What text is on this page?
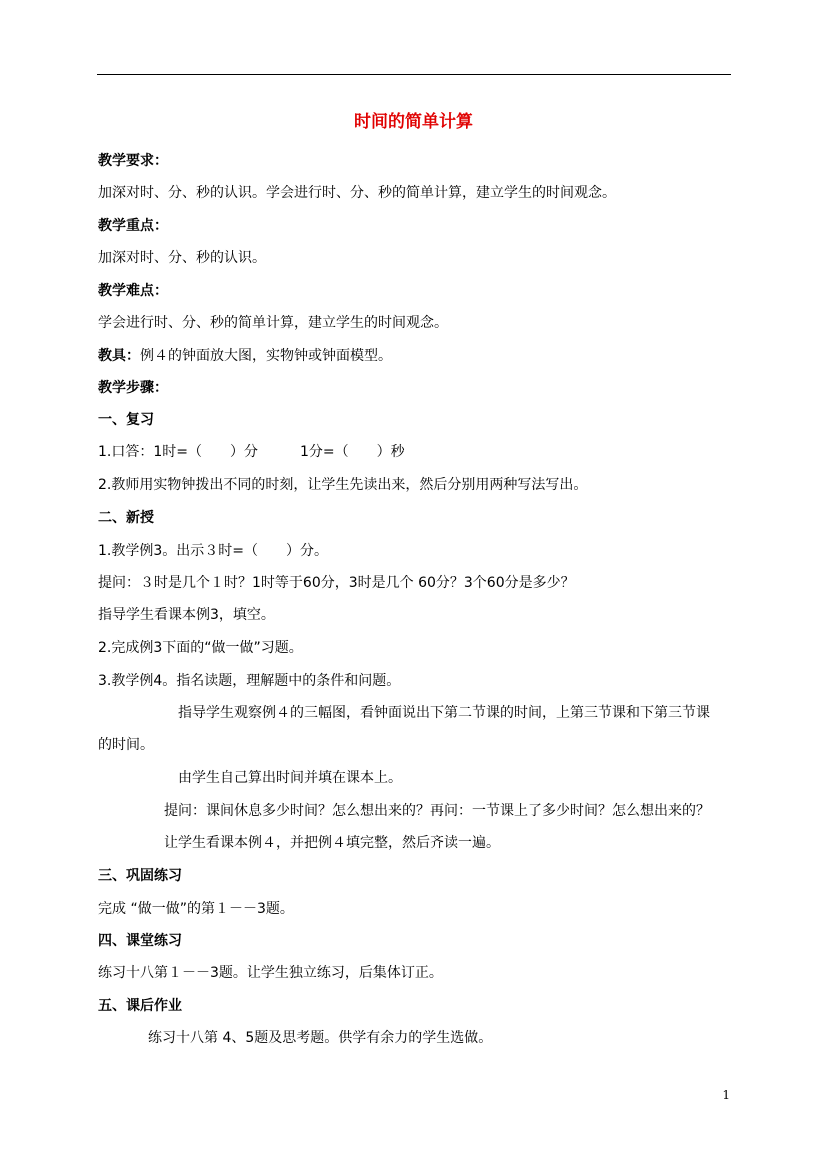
时间的简单计算
教学要求：
加深对时、分、秒的认识。学会进行时、分、秒的简单计算，建立学生的时间观念。
教学重点：
加深对时、分、秒的认识。
教学难点：
学会进行时、分、秒的简单计算，建立学生的时间观念。
教具：例４的钟面放大图，实物钟或钟面模型。
教学步骤：
一、复习
1.口答：1时=（　　）分　　　1分=（　　）秒
2.教师用实物钟拨出不同的时刻，让学生先读出来，然后分别用两种写法写出。
二、新授
1.教学例3。出示３时=（　　）分。
提问：３时是几个１时？1时等于60分，3时是几个 60分？3个60分是多少？
指导学生看课本例3，填空。
2.完成例3下面的“做一做”习题。
3.教学例4。指名读题，理解题中的条件和问题。
指导学生观察例４的三幅图，看钟面说出下第二节课的时间，上第三节课和下第三节课
的时间。
由学生自己算出时间并填在课本上。
提问：课间休息多少时间？怎么想出来的？再问：一节课上了多少时间？怎么想出来的？
让学生看课本例４，并把例４填完整，然后齐读一遍。
三、巩固练习
完成 “做一做”的第１－－3题。
四、课堂练习
练习十八第１－－3题。让学生独立练习，后集体订正。
五、课后作业
练习十八第 4、5题及思考题。供学有余力的学生选做。
1
